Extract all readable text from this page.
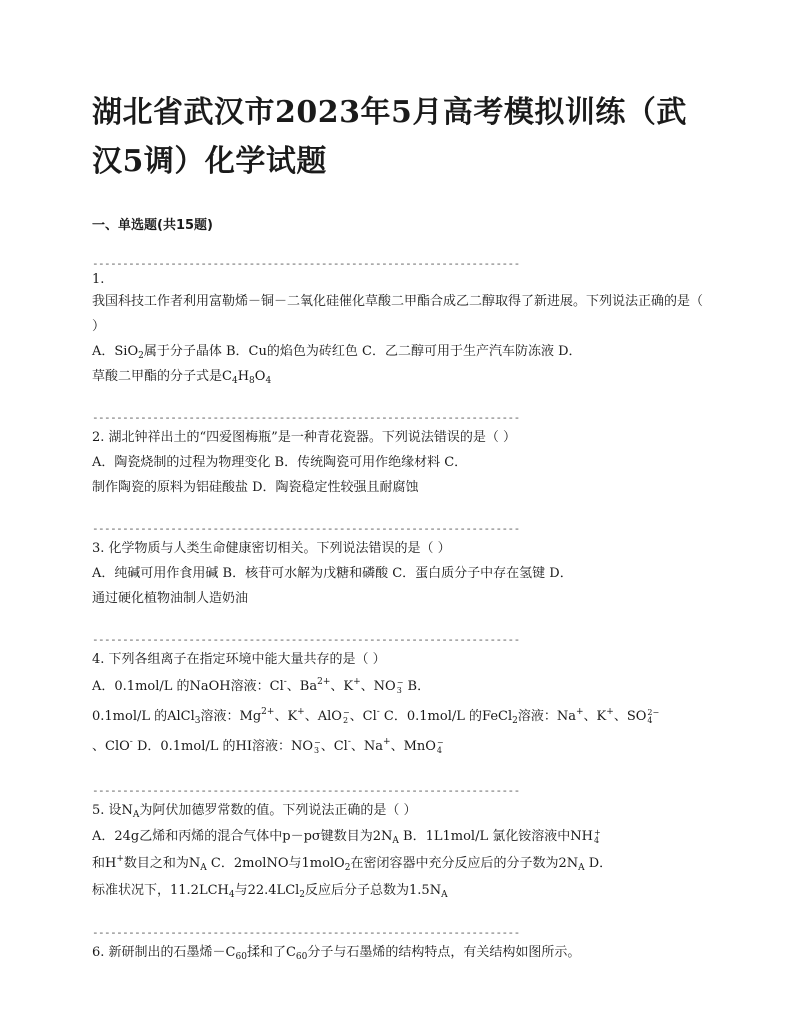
湖北省武汉市2023年5月高考模拟训练（武
汉5调）化学试题
一、单选题(共15题)
-----------------------------------------------------------------------
1.

我国科技工作者利用富勒烯－铜－二氧化硅催化草酸二甲酯合成乙二醇取得了新进展。下列说法正确的是（ ）

A．SiO$_2$属于分子晶体 B．Cu的焰色为砖红色 C．乙二醇可用于生产汽车防冻液 D．
草酸二甲酯的分子式是$C_4H_8O_4$

-----------------------------------------------------------------------

2. 湖北钟祥出土的“四爱图梅瓶”是一种青花瓷器。下列说法错误的是（ ）

A．陶瓷烧制的过程为物理变化 B．传统陶瓷可用作绝缘材料 C．
制作陶瓷的原料为铝硅酸盐 D．陶瓷稳定性较强且耐腐蚀

-----------------------------------------------------------------------

3. 化学物质与人类生命健康密切相关。下列说法错误的是（ ）

A．纯碱可用作食用碱 B．核苷可水解为戊糖和磷酸 C．蛋白质分子中存在氢键 D．
通过硬化植物油制人造奶油

-----------------------------------------------------------------------

4. 下列各组离子在指定环境中能大量共存的是（ ）

A．0.1mol/L 的NaOH溶液：Cl-、$Ba^{2+}$、K+、NO −
3 B．
0.1mol/L 的AlCl$_3$溶液：$Mg^{2+}$、K+、AlO −
2 、Cl- C．0.1mol/L 的FeCl$_2$溶液：Na+、K+、SO 2−
4

、ClO- D．0.1mol/L 的HI溶液：NO −
3 、Cl-、Na+、MnO −
4

-----------------------------------------------------------------------

5. 设$N_A$为阿伏加德罗常数的值。下列说法正确的是（ ）

A．24g乙烯和丙烯的混合气体中p－pσ键数目为$2N_A$ B．1L1mol/L 氯化铵溶液中NH +
4

和H+数目之和为$N_A$ C．2molNO与1molO$_2$在密闭容器中充分反应后的分子数为$2N_A$ D．
标准状况下，$11.2LCH_4$与22.4LCl$_2$反应后分子总数为$1.5N_A$

-----------------------------------------------------------------------

6. 新研制出的石墨烯$-C_{60}$揉和了$C_{60}$分子与石墨烯的结构特点，有关结构如图所示。
